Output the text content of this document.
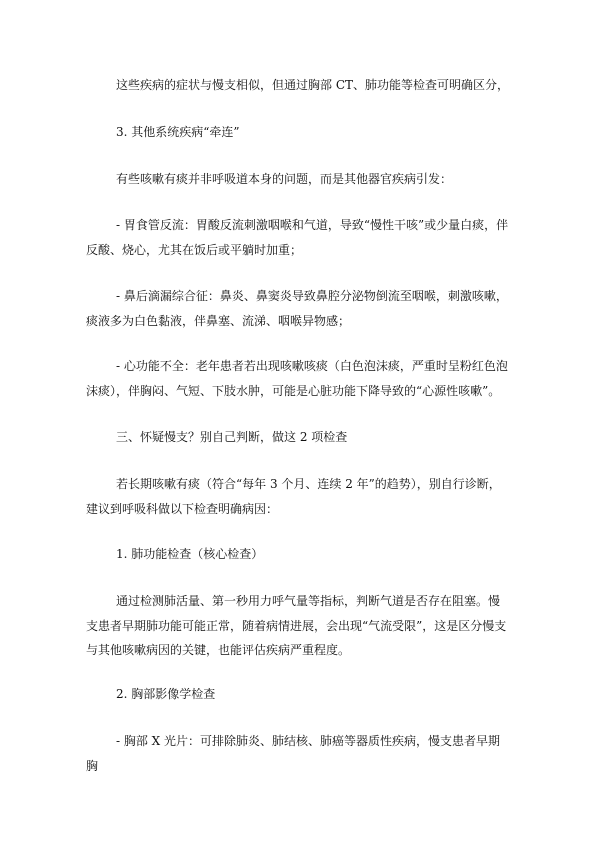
这些疾病的症状与慢支相似，但通过胸部 CT、肺功能等检查可明确区分，

3. 其他系统疾病“牵连”

有些咳嗽有痰并非呼吸道本身的问题，而是其他器官疾病引发：

- 胃食管反流：胃酸反流刺激咽喉和气道，导致“慢性干咳”或少量白痰，伴反酸、烧心，尤其在饭后或平躺时加重；

- 鼻后滴漏综合征：鼻炎、鼻窦炎导致鼻腔分泌物倒流至咽喉，刺激咳嗽，痰液多为白色黏液，伴鼻塞、流涕、咽喉异物感；

- 心功能不全：老年患者若出现咳嗽咳痰（白色泡沫痰，严重时呈粉红色泡沫痰），伴胸闷、气短、下肢水肿，可能是心脏功能下降导致的“心源性咳嗽”。

三、怀疑慢支？别自己判断，做这 2 项检查

若长期咳嗽有痰（符合“每年 3 个月、连续 2 年”的趋势），别自行诊断，建议到呼吸科做以下检查明确病因：

1. 肺功能检查（核心检查）

通过检测肺活量、第一秒用力呼气量等指标，判断气道是否存在阻塞。慢支患者早期肺功能可能正常，随着病情进展，会出现“气流受限”，这是区分慢支与其他咳嗽病因的关键，也能评估疾病严重程度。

2. 胸部影像学检查

- 胸部 X 光片：可排除肺炎、肺结核、肺癌等器质性疾病，慢支患者早期胸
